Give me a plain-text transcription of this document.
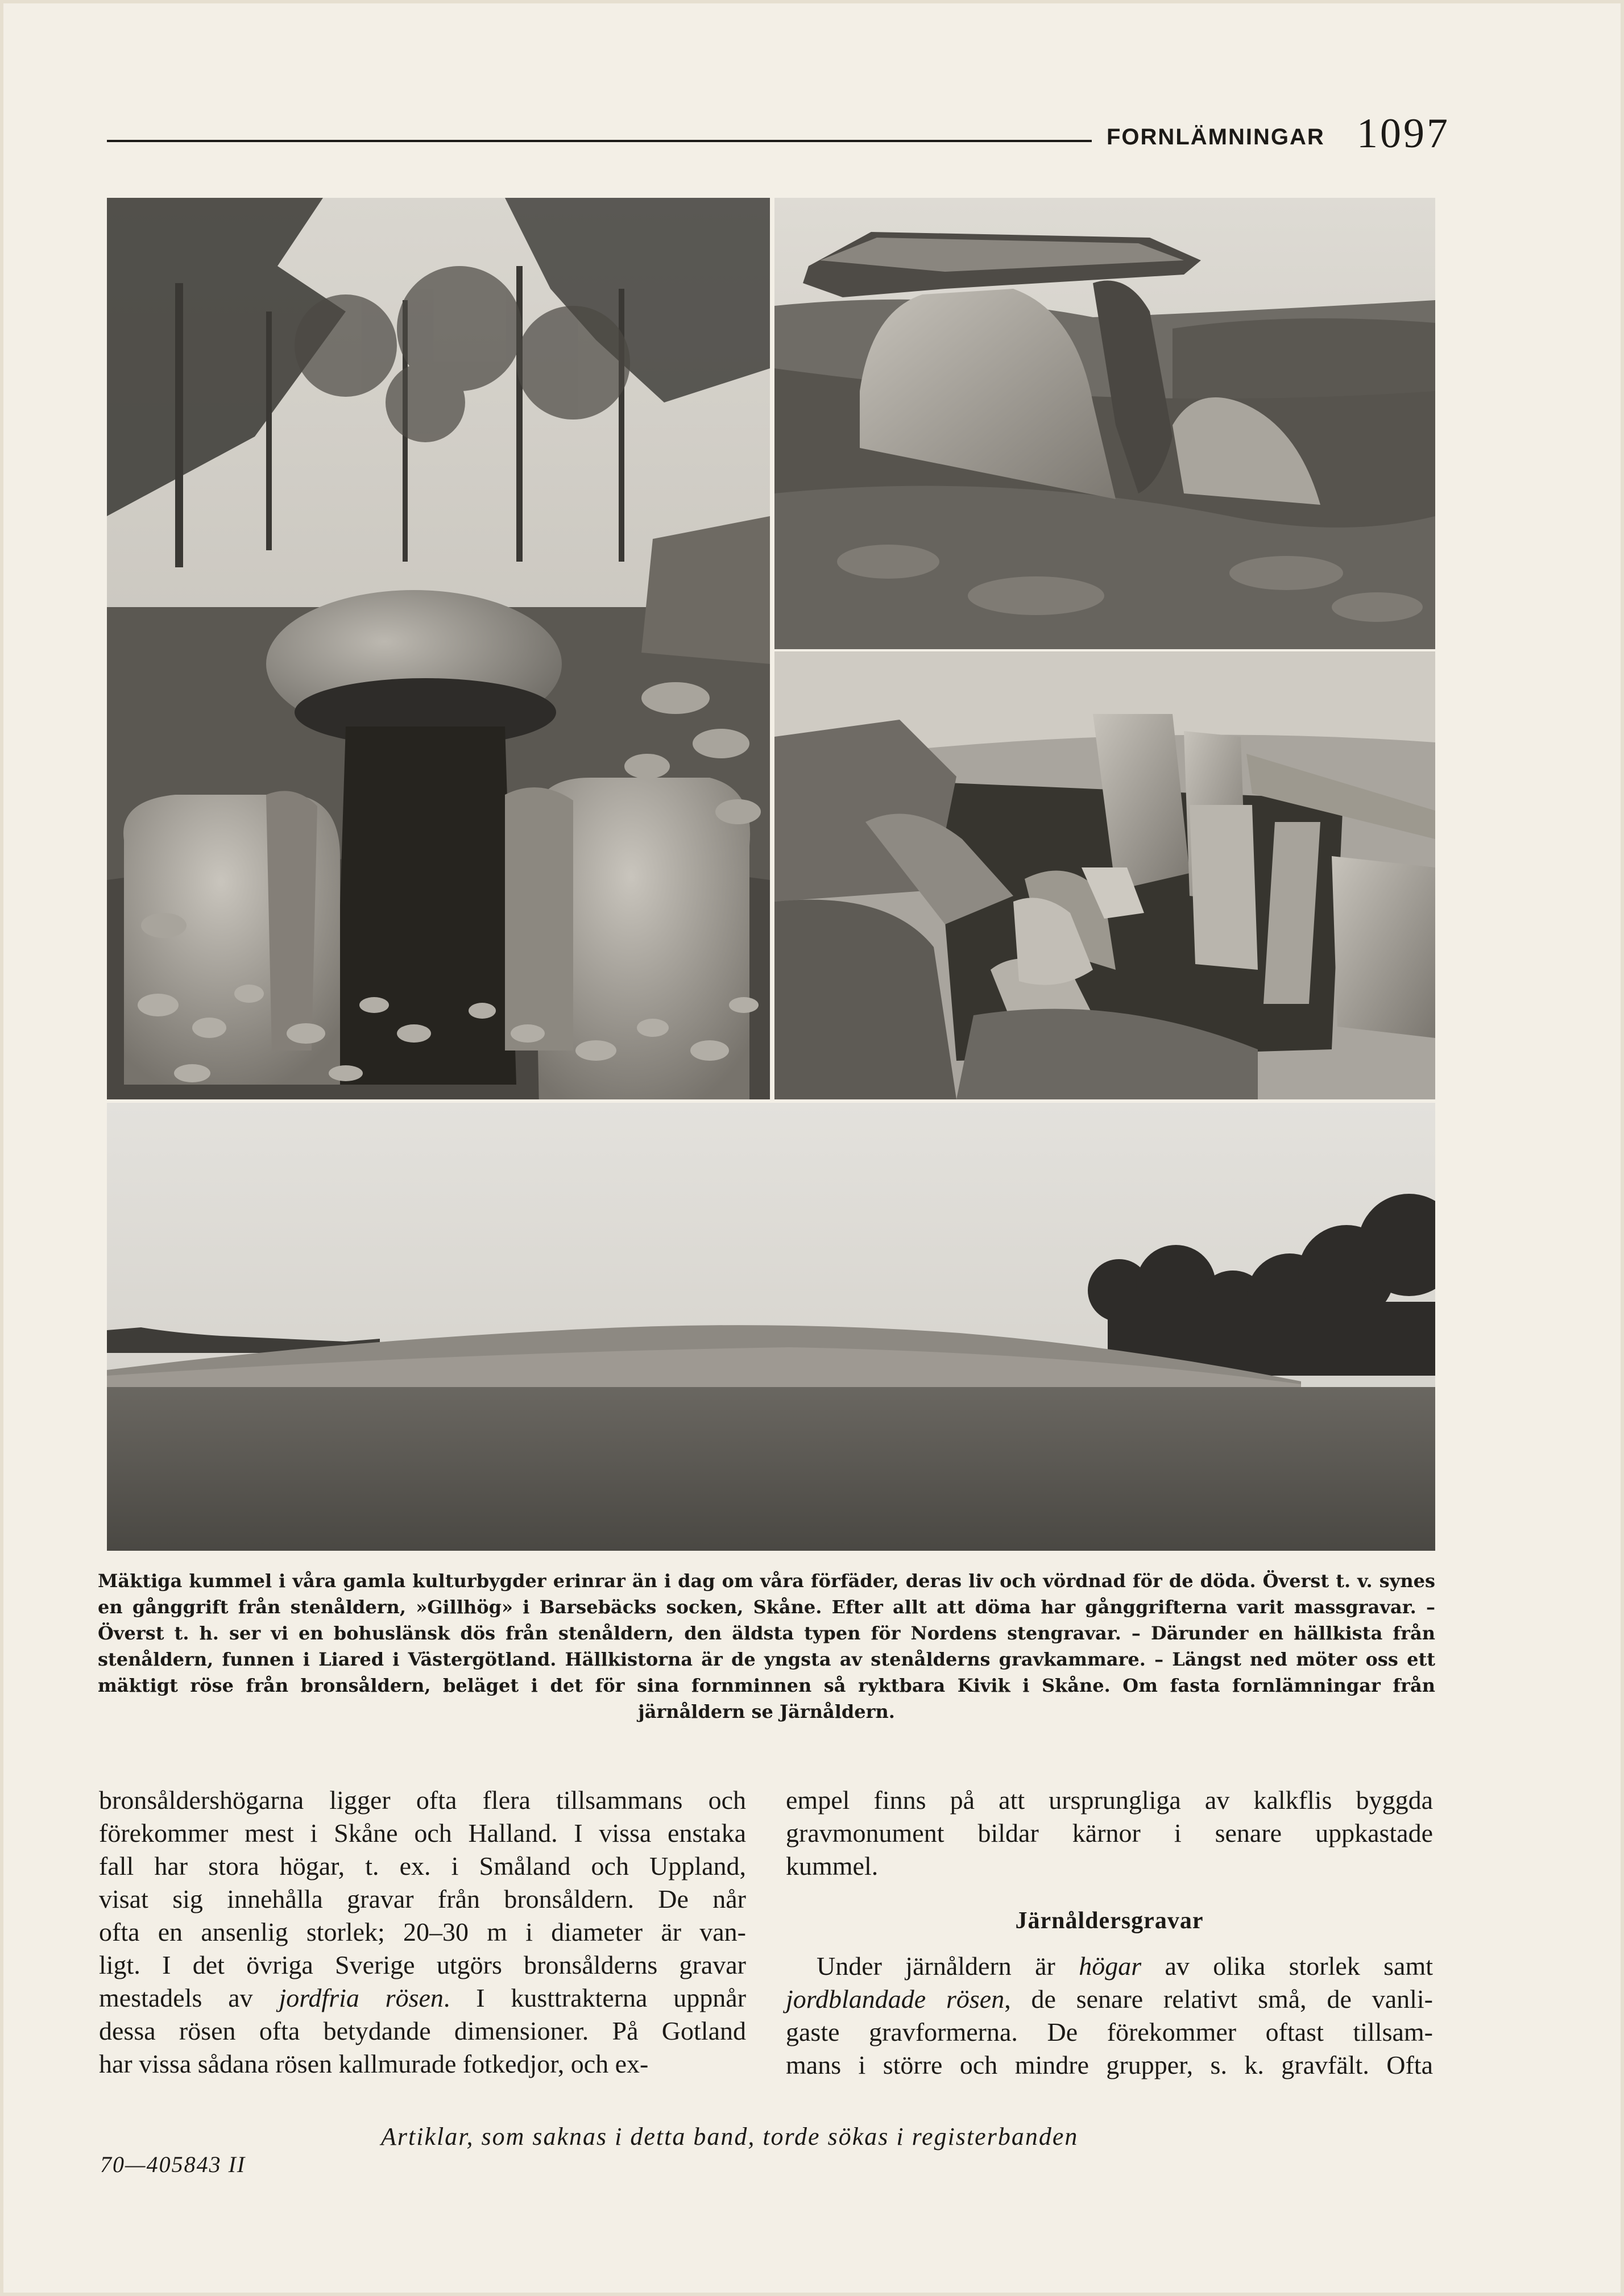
FORNLÄMNINGAR 1097
Mäktiga kummel i våra gamla kulturbygder erinrar än i dag om våra förfäder, deras liv och vördnad för de döda. Överst t. v. synes en gånggrift från stenåldern, »Gillhög» i Barsebäcks socken, Skåne. Efter allt att döma har gånggrifterna varit massgravar. – Överst t. h. ser vi en bohuslänsk dös från stenåldern, den äldsta typen för Nordens stengravar. – Därunder en hällkista från stenåldern, funnen i Liared i Västergötland. Hällkistorna är de yngsta av stenålderns gravkammare. – Längst ned möter oss ett mäktigt röse från bronsåldern, beläget i det för sina fornminnen så ryktbara Kivik i Skåne. Om fasta fornlämningar från järnåldern se Järnåldern.
bronsåldershögarna ligger ofta flera tillsammans och
förekommer mest i Skåne och Halland. I vissa enstaka
fall har stora högar, t. ex. i Småland och Uppland,
visat sig innehålla gravar från bronsåldern. De når
ofta en ansenlig storlek; 20–30 m i diameter är van-
ligt. I det övriga Sverige utgörs bronsålderns gravar
mestadels av jordfria rösen. I kusttrakterna uppnår
dessa rösen ofta betydande dimensioner. På Gotland
har vissa sådana rösen kallmurade fotkedjor, och ex-
empel finns på att ursprungliga av kalkflis byggda
gravmonument bildar kärnor i senare uppkastade
kummel.

Järnåldersgravar

Under järnåldern är högar av olika storlek samt
jordblandade rösen, de senare relativt små, de vanli-
gaste gravformerna. De förekommer oftast tillsam-
mans i större och mindre grupper, s. k. gravfält. Ofta
Artiklar, som saknas i detta band, torde sökas i registerbanden
70—405843 II
